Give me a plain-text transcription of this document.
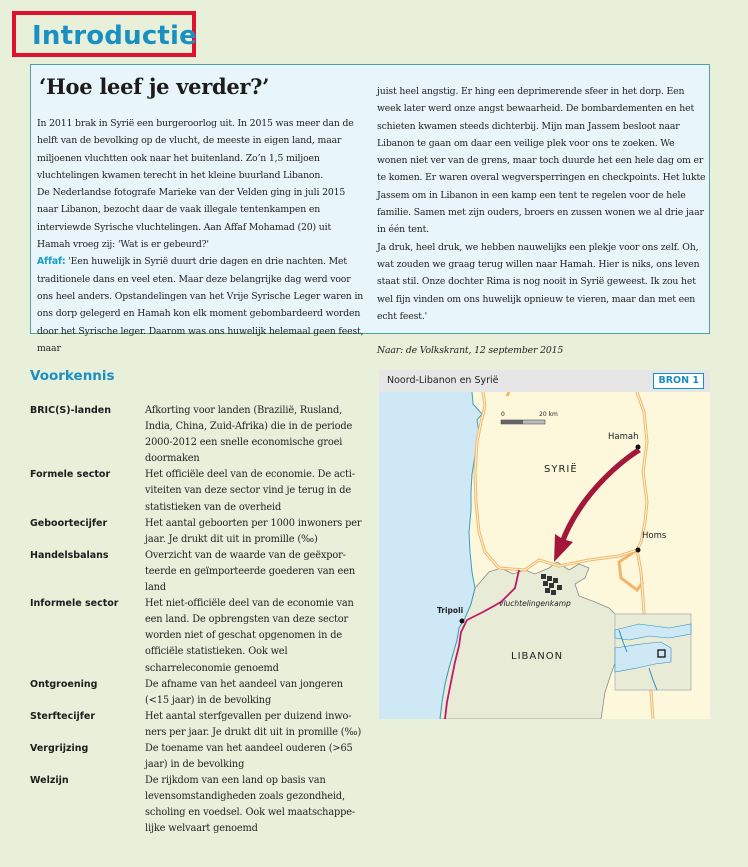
Introductie
‘Hoe leef je verder?’

In 2011 brak in Syrië een burgeroorlog uit. In 2015 was meer dan de helft van de bevolking op de vlucht, de meeste in eigen land, maar miljoenen vluchtten ook naar het buitenland. Zo’n 1,5 miljoen vluchtelingen kwamen terecht in het kleine buurland Libanon.

De Nederlandse fotografe Marieke van der Velden ging in juli 2015 naar Libanon, bezocht daar de vaak illegale tentenkampen en interviewde Syrische vluchtelingen. Aan Affaf Mohamad (20) uit Hamah vroeg zij: 'Wat is er gebeurd?'

Affaf: 'Een huwelijk in Syrië duurt drie dagen en drie nachten. Met traditionele dans en veel eten. Maar deze belangrijke dag werd voor ons heel anders. Opstandelingen van het Vrije Syrische Leger waren in ons dorp gelegerd en Hamah kon elk moment gebombardeerd worden door het Syrische leger. Daarom was ons huwelijk helemaal geen feest, maar

juist heel angstig. Er hing een deprimerende sfeer in het dorp. Een week later werd onze angst bewaarheid. De bombardementen en het schieten kwamen steeds dichterbij. Mijn man Jassem besloot naar Libanon te gaan om daar een veilige plek voor ons te zoeken. We wonen niet ver van de grens, maar toch duurde het een hele dag om er te komen. Er waren overal wegversperringen en checkpoints. Het lukte Jassem om in Libanon in een kamp een tent te regelen voor de hele familie. Samen met zijn ouders, broers en zussen wonen we al drie jaar in één tent.

Ja druk, heel druk, we hebben nauwelijks een plekje voor ons zelf. Oh, wat zouden we graag terug willen naar Hamah. Hier is niks, ons leven staat stil. Onze dochter Rima is nog nooit in Syrië geweest. Ik zou het wel fijn vinden om ons huwelijk opnieuw te vieren, maar dan met een echt feest.'

Naar: de Volkskrant, 12 september 2015

Voorkennis
BRIC(S)-landen	Afkorting voor landen (Brazilië, Rusland, India, China, Zuid-Afrika) die in de periode 2000-2012 een snelle economische groei doormaken
Formele sector	Het officiële deel van de economie. De activiteiten van deze sector vind je terug in de statistieken van de overheid
Geboortecijfer	Het aantal geboorten per 1000 inwoners per jaar. Je drukt dit uit in promille (‰)
Handelsbalans	Overzicht van de waarde van de geëxporteerde en geïmporteerde goederen van een land
Informele sector	Het niet-officiële deel van de economie van een land. De opbrengsten van deze sector worden niet of geschat opgenomen in de officiële statistieken. Ook wel scharreleconomie genoemd
Ontgroening	De afname van het aandeel van jongeren (<15 jaar) in de bevolking
Sterftecijfer	Het aantal sterfgevallen per duizend inwoners per jaar. Je drukt dit uit in promille (‰)
Vergrijzing	De toename van het aandeel ouderen (>65 jaar) in de bevolking
Welzijn	De rijkdom van een land op basis van levensomstandigheden zoals gezondheid, scholing en voedsel. Ook wel maatschappelijke welvaart genoemd
Noord-Libanon en Syrië	BRON 1
0	20 km
Hamah
Homs
Tripoli
vluchtelingenkamp
SYRIË
LIBANON
